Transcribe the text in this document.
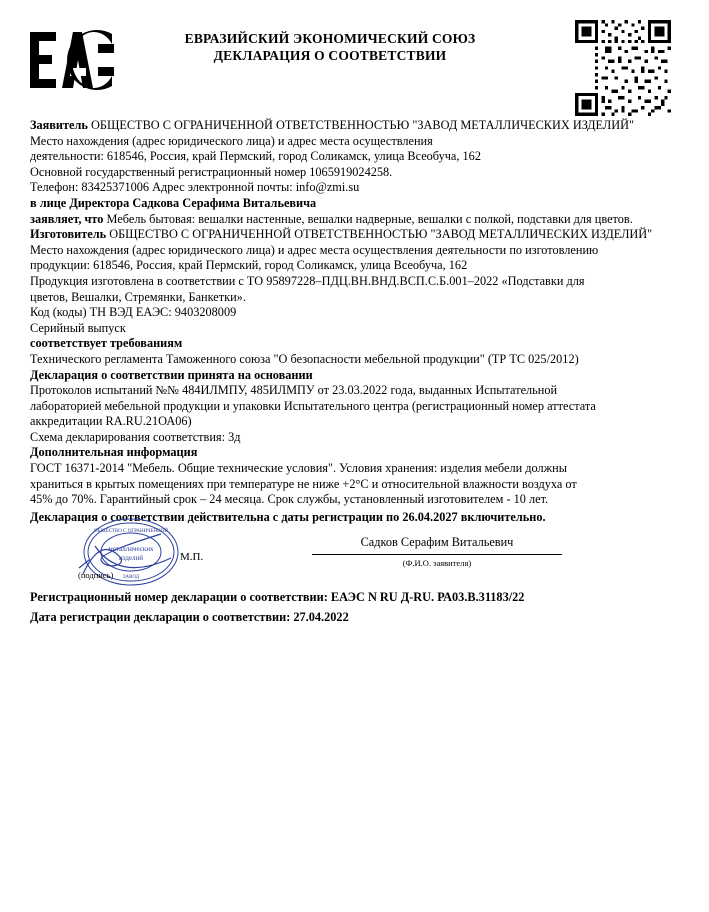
ЕВРАЗИЙСКИЙ ЭКОНОМИЧЕСКИЙ СОЮЗ
ДЕКЛАРАЦИЯ О СООТВЕТСТВИИ

Заявитель ОБЩЕСТВО С ОГРАНИЧЕННОЙ ОТВЕТСТВЕННОСТЬЮ "ЗАВОД МЕТАЛЛИЧЕСКИХ ИЗДЕЛИЙ"

Место нахождения (адрес юридического лица) и адрес места осуществления

деятельности: 618546, Россия, край Пермский, город Соликамск, улица Всеобуча, 162

Основной государственный регистрационный номер 1065919024258.

Телефон: 83425371006 Адрес электронной почты: info@zmi.su

в лице Директора Садкова Серафима Витальевича

заявляет, что Мебель бытовая: вешалки настенные, вешалки надверные, вешалки с полкой, подставки для цветов.

Изготовитель ОБЩЕСТВО С ОГРАНИЧЕННОЙ ОТВЕТСТВЕННОСТЬЮ "ЗАВОД МЕТАЛЛИЧЕСКИХ ИЗДЕЛИЙ"

Место нахождения (адрес юридического лица) и адрес места осуществления деятельности по изготовлению

продукции: 618546, Россия, край Пермский, город Соликамск, улица Всеобуча, 162

Продукция изготовлена в соответствии с ТО 95897228–ПДЦ.ВН.ВНД.ВСП.С.Б.001–2022 «Подставки для

цветов, Вешалки, Стремянки, Банкетки».

Код (коды) ТН ВЭД ЕАЭС: 9403208009

Серийный выпуск

соответствует требованиям

Технического регламента Таможенного союза "О безопасности мебельной продукции" (ТР ТС 025/2012)

Декларация о соответствии принята на основании

Протоколов испытаний №№ 484ИЛМПУ, 485ИЛМПУ от 23.03.2022 года, выданных Испытательной

лабораторией мебельной продукции и упаковки Испытательного центра (регистрационный номер аттестата

аккредитации RA.RU.21ОА06)

Схема декларирования соответствия: 3д

Дополнительная информация

ГОСТ 16371-2014 "Мебель. Общие технические условия". Условия хранения: изделия мебели должны

храниться в крытых помещениях при температуре не ниже +2°С и относительной влажности воздуха от

45% до 70%. Гарантийный срок – 24 месяца. Срок службы, установленный изготовителем - 10 лет.

Декларация о соответствии действительна с даты регистрации по 26.04.2027 включительно.

ОБЩЕСТВО С ОГРАНИЧЕННОЙ
металлических
изделий
ЗАВОД
(подпись)
М.П.
Садков Серафим Витальевич
(Ф.И.О. заявителя)

Регистрационный номер декларации о соответствии: ЕАЭС N RU Д-RU. РА03.В.31183/22

Дата регистрации декларации о соответствии: 27.04.2022
